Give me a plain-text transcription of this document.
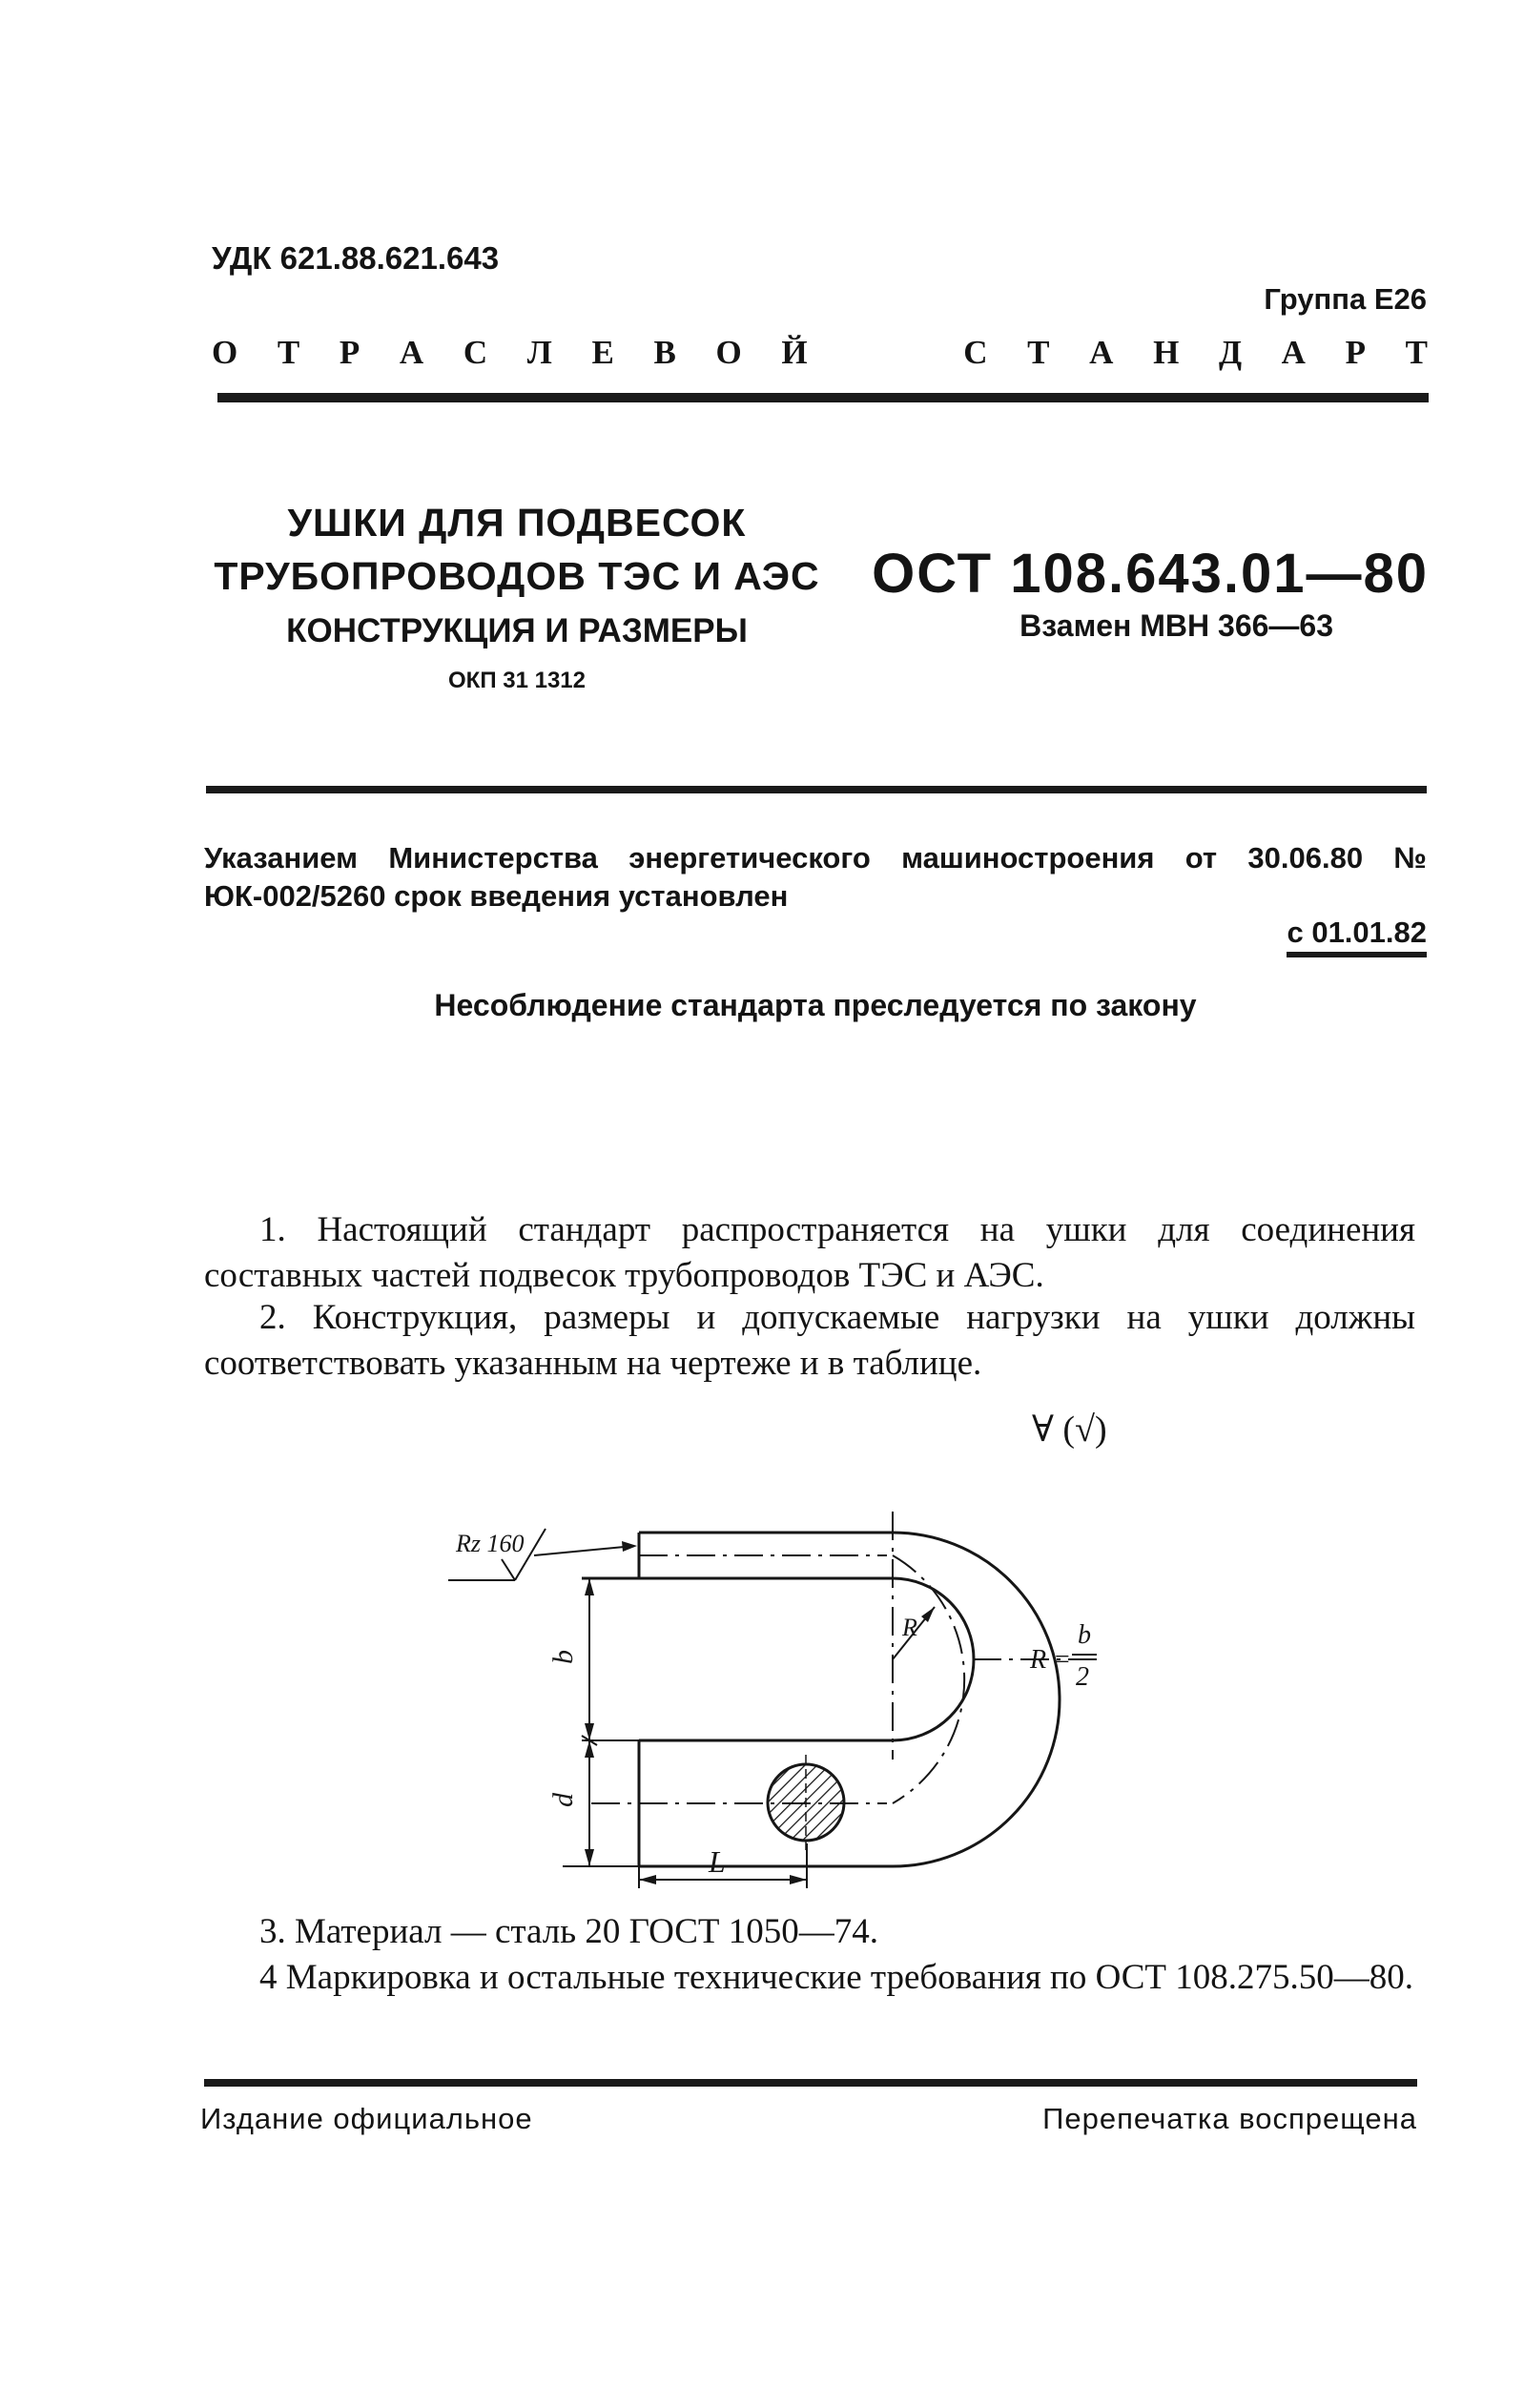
УДК 621.88.621.643
Группа Е26
О Т Р А С Л Е В О Й    С Т А Н Д А Р Т
УШКИ ДЛЯ ПОДВЕСОК
ТРУБОПРОВОДОВ ТЭС И АЭС
КОНСТРУКЦИЯ И РАЗМЕРЫ
ОКП 31 1312
ОСТ 108.643.01—80
Взамен МВН 366—63
Указанием Министерства энергетического машиностроения от 30.06.80 № ЮК-002/5260 срок введения установлен
с 01.01.82
Несоблюдение стандарта преследуется по закону
1. Настоящий стандарт распространяется на ушки для соединения составных частей подвесок трубопроводов ТЭС и АЭС.
2. Конструкция, размеры и допускаемые нагрузки на ушки должны соответствовать указанным на чертеже и в таблице.
∀ (√)
b
d
L
R
R =
b
2
Rz 160
3. Материал — сталь 20 ГОСТ 1050—74.
4 Маркировка и остальные технические требования по ОСТ 108.275.50—80.
Издание официальное	Перепечатка воспрещена
